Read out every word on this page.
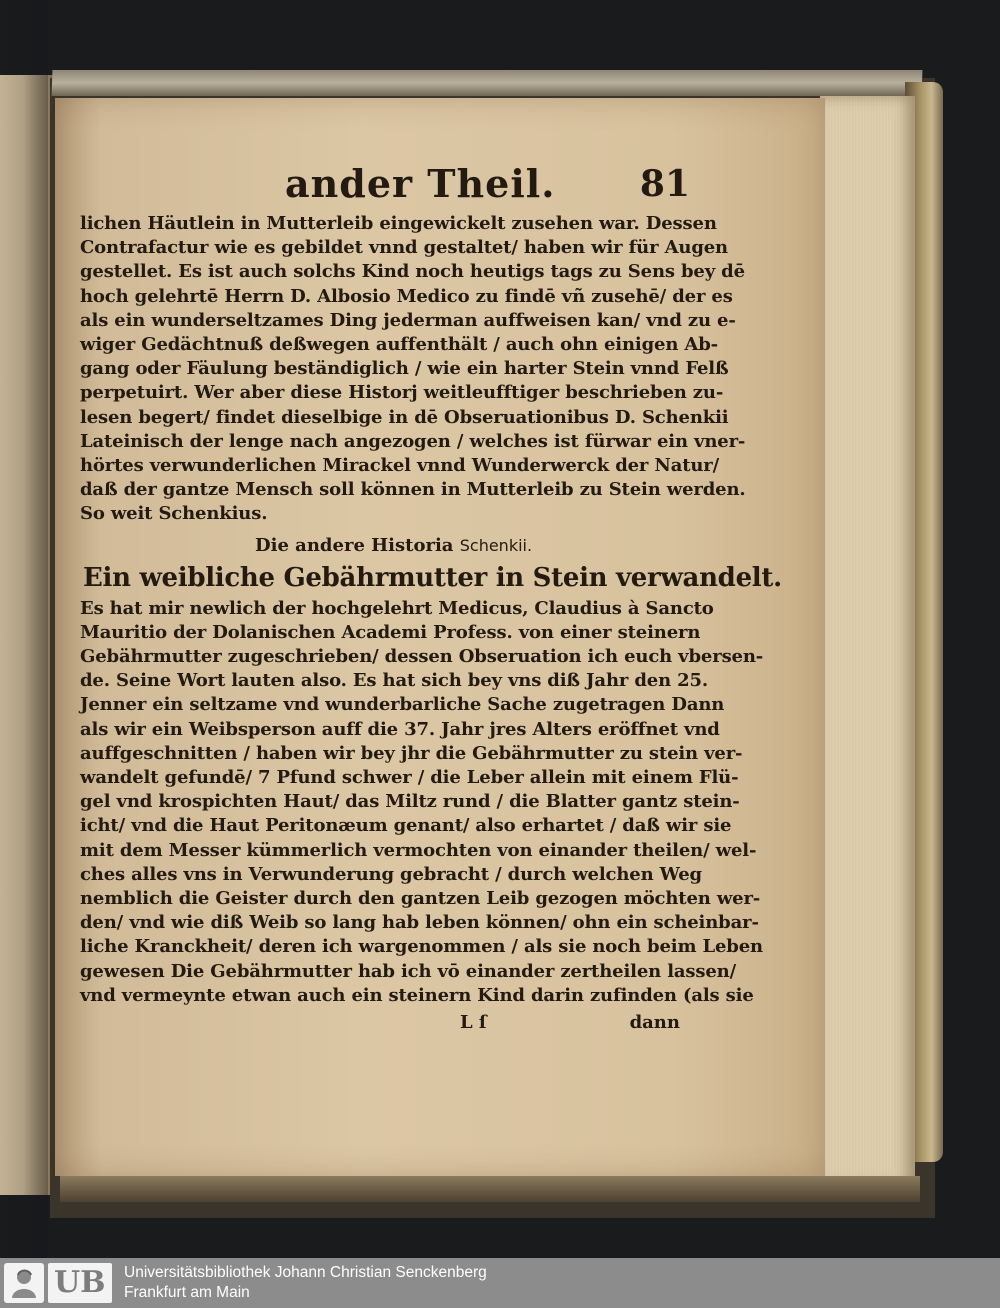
ander Theil. 81
lichen Häutlein in Mutterleib eingewickelt zusehen war. Dessen
Contrafactur wie es gebildet vnnd gestaltet/ haben wir für Augen
gestellet. Es ist auch solchs Kind noch heutigs tags zu Sens bey dē
hoch gelehrtē Herrn D. Albosio Medico zu findē vñ zusehē/ der es
als ein wunderseltzames Ding jederman auffweisen kan/ vnd zu e-
wiger Gedächtnuß deßwegen auffenthält / auch ohn einigen Ab-
gang oder Fäulung beständiglich / wie ein harter Stein vnnd Felß
perpetuirt. Wer aber diese Historj weitleufftiger beschrieben zu-
lesen begert/ findet dieselbige in dē Obseruationibus D. Schenkii
Lateinisch der lenge nach angezogen / welches ist fürwar ein vner-
hörtes verwunderlichen Mirackel vnnd Wunderwerck der Natur/
daß der gantze Mensch soll können in Mutterleib zu Stein werden.
So weit Schenkius.
Die andere Historia Schenkii.
Ein weibliche Gebährmutter in Stein verwandelt.
Es hat mir newlich der hochgelehrt Medicus, Claudius à Sancto
Mauritio der Dolanischen Academi Profess. von einer steinern
Gebährmutter zugeschrieben/ dessen Obseruation ich euch vbersen-
de. Seine Wort lauten also. Es hat sich bey vns diß Jahr den 25.
Jenner ein seltzame vnd wunderbarliche Sache zugetragen Dann
als wir ein Weibsperson auff die 37. Jahr jres Alters eröffnet vnd
auffgeschnitten / haben wir bey jhr die Gebährmutter zu stein ver-
wandelt gefundē/ 7 Pfund schwer / die Leber allein mit einem Flü-
gel vnd krospichten Haut/ das Miltz rund / die Blatter gantz stein-
icht/ vnd die Haut Peritonæum genant/ also erhartet / daß wir sie
mit dem Messer kümmerlich vermochten von einander theilen/ wel-
ches alles vns in Verwunderung gebracht / durch welchen Weg
nemblich die Geister durch den gantzen Leib gezogen möchten wer-
den/ vnd wie diß Weib so lang hab leben können/ ohn ein scheinbar-
liche Kranckheit/ deren ich wargenommen / als sie noch beim Leben
gewesen Die Gebährmutter hab ich vō einander zertheilen lassen/
vnd vermeynte etwan auch ein steinern Kind darin zufinden (als sie
L ſ	dann
UB	Universitätsbibliothek Johann Christian Senckenberg
Frankfurt am Main
